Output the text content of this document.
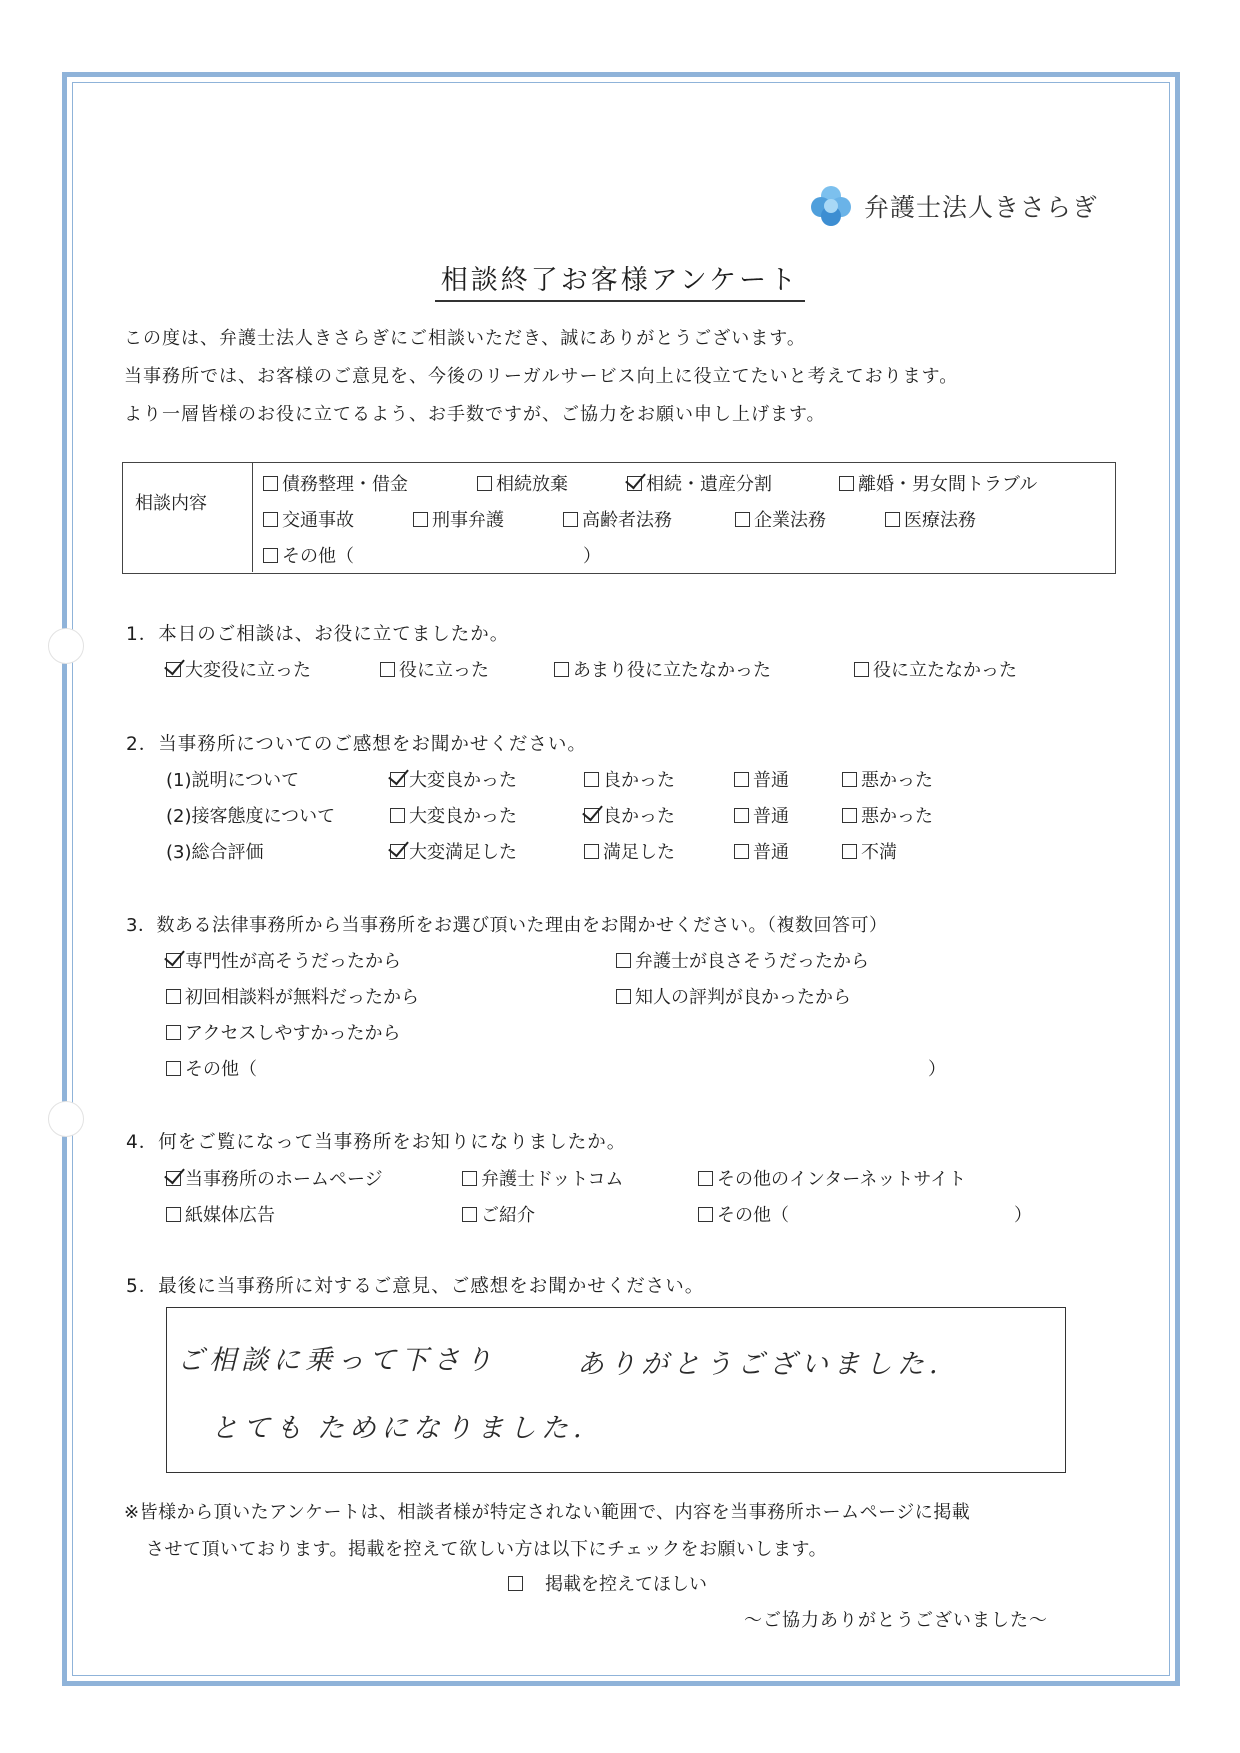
弁護士法人きさらぎ
相談終了お客様アンケート
この度は、弁護士法人きさらぎにご相談いただき、誠にありがとうございます。
当事務所では、お客様のご意見を、今後のリーガルサービス向上に役立てたいと考えております。
より一層皆様のお役に立てるよう、お手数ですが、ご協力をお願い申し上げます。
相談内容
債務整理・借金	相続放棄	相続・遺産分割	離婚・男女間トラブル
交通事故	刑事弁護	高齢者法務	企業法務	医療法務
その他（	）
1．本日のご相談は、お役に立てましたか。
大変役に立った	役に立った	あまり役に立たなかった	役に立たなかった
2．当事務所についてのご感想をお聞かせください。
(1)説明について	大変良かった	良かった	普通	悪かった
(2)接客態度について	大変良かった	良かった	普通	悪かった
(3)総合評価	大変満足した	満足した	普通	不満
3．数ある法律事務所から当事務所をお選び頂いた理由をお聞かせください。（複数回答可）
専門性が高そうだったから	弁護士が良さそうだったから
初回相談料が無料だったから	知人の評判が良かったから
アクセスしやすかったから
その他（	）
4．何をご覧になって当事務所をお知りになりましたか。
当事務所のホームページ	弁護士ドットコム	その他のインターネットサイト
紙媒体広告	ご紹介	その他（	）
5．最後に当事務所に対するご意見、ご感想をお聞かせください。
ご相談に乗って下さり	ありがとうございました.
とても ためになりました.
※皆様から頂いたアンケートは、相談者様が特定されない範囲で、内容を当事務所ホームページに掲載
させて頂いております。掲載を控えて欲しい方は以下にチェックをお願いします。
掲載を控えてほしい
～ご協力ありがとうございました～
